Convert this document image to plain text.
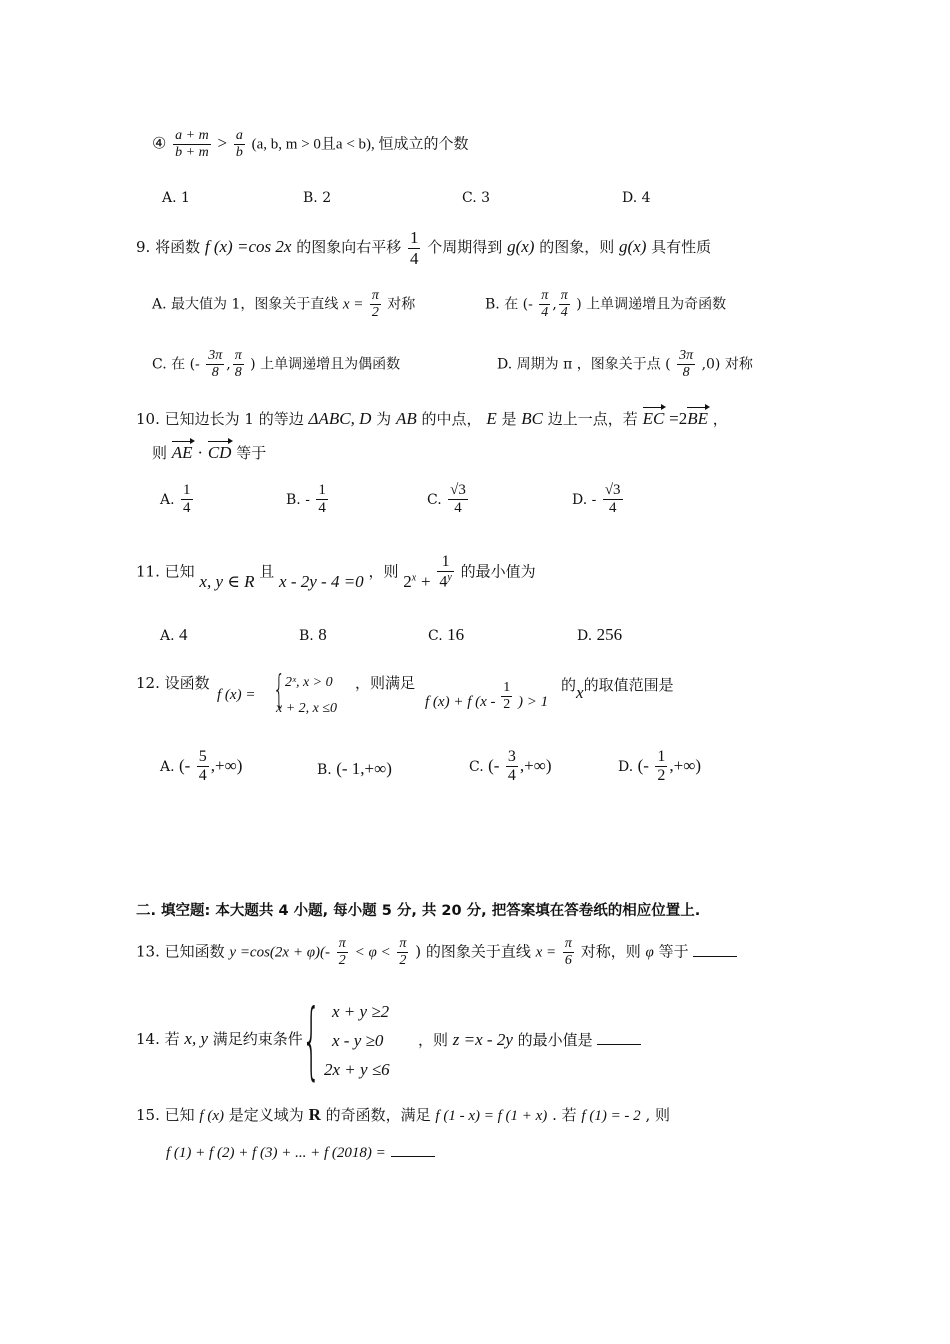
④ $\frac{a + m}{b + m} > \frac{a}{b} (a$, b, m > 0且a < b), 恒成立的个数
A. 1	B. 2	C. 3	D. 4
9. 将函数 f (x) =cos 2x 的图象向右平移 $\frac{1}{4}$ 个周期得到 g(x) 的图象，则 g(x) 具有性质
A. 最大值为 1，图象关于直线 $x = \frac{\pi}{2}$ 对称	B. 在 (- $\frac{\pi}{4}$ , $\frac{\pi}{4}$ ) 上单调递增且为奇函数
C. 在 (- $\frac{3\pi}{8}$ , $\frac{\pi}{8}$ ) 上单调递增且为偶函数	D. 周期为 π ，图象关于点 ( $\frac{3\pi}{8} ,0$) 对称
10. 已知边长为 1 的等边 ΔABC, D 为 AB 的中点， E 是 BC 边上一点，若 EC =2BE ，
则 AE · CD 等于
A. $\frac{1}{4}$	B. - $\frac{1}{4}$	C. $\frac{√3}{4}$	D. - $\frac{√3}{4}$
11. 已知 x, y ∈ R 且 x - 2y - 4 =0 ，则 $2^x + \frac{1}{4^y}$ 的最小值为
A. 4	B. 8	C. 16	D. 256
12. 设函数
f (x) = { 2ˣ, x > 0
x + 2, x ≤0
，则满足
f (x) + f ($x - \frac{1}{2}$ ) > 1
的x的取值范围是
A. (- $\frac{5}{4}$ ,+∞)	B. (- 1,+∞)	C. (- $\frac{3}{4}$ ,+∞)	D. (- $\frac{1}{2}$ ,+∞)
二. 填空题: 本大题共 4 小题, 每小题 5 分, 共 20 分, 把答案填在答卷纸的相应位置上.
13. 已知函数 $y =\cos(2x + \varphi)(- \frac{\pi}{2} < \varphi < \frac{\pi}{2}$ ) 的图象关于直线 $x = \frac{\pi}{6}$ 对称，则 φ 等于
14. 若 x, y 满足约束条件 { x + y ≥2
x - y ≥0
2x + y ≤6
，则 z =x - 2y 的最小值是
15. 已知 f (x) 是定义域为 R 的奇函数，满足 f (1 - x) = f (1 + x) . 若 f (1) = - 2 , 则
f (1) + f (2) + f (3) + ... + f (2018) =
